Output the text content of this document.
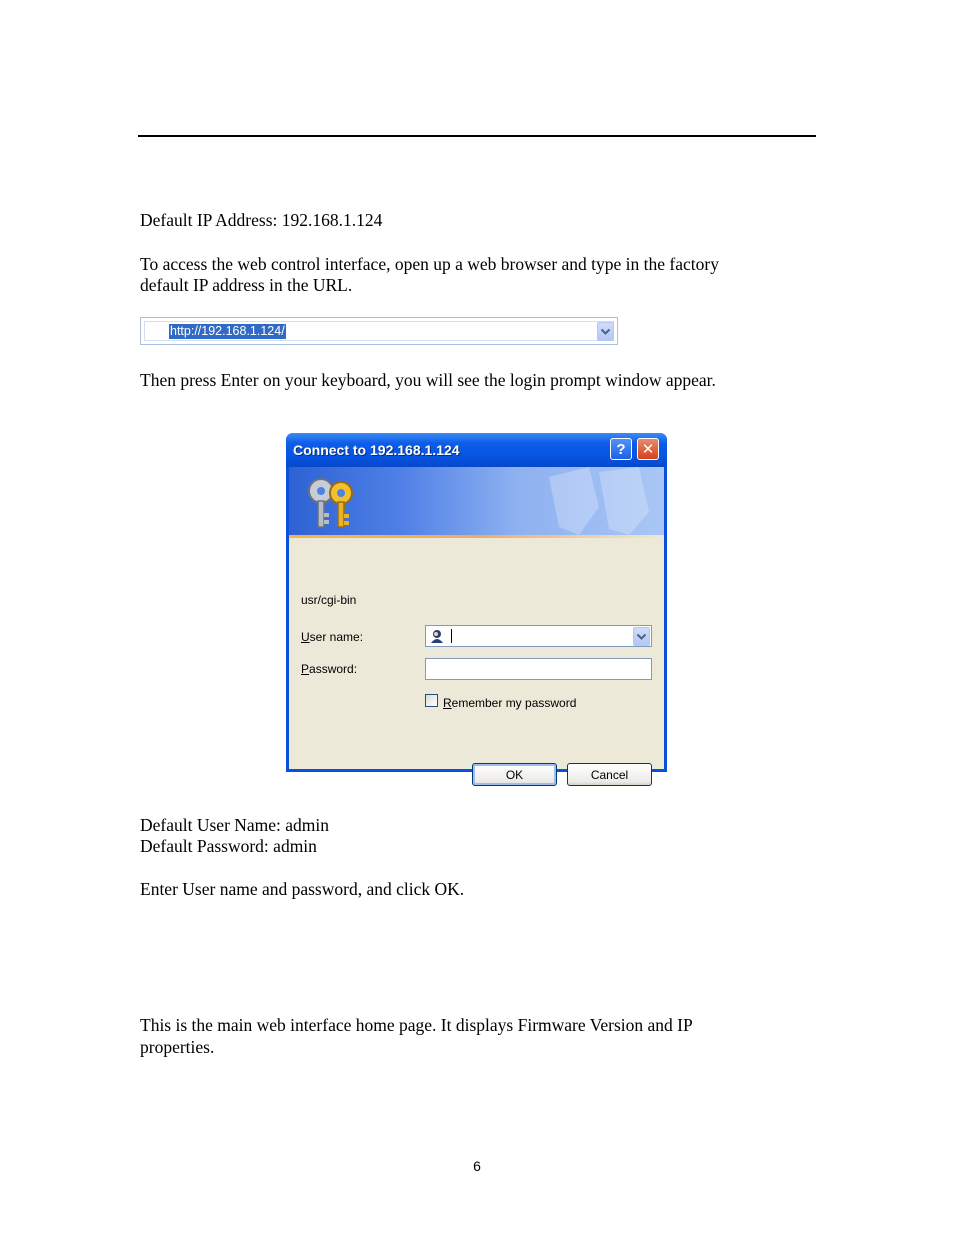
Default IP Address: 192.168.1.124

To access the web control interface, open up a web browser and type in the factory

default IP address in the URL.

http://192.168.1.124/

Then press Enter on your keyboard, you will see the login prompt window appear.

Connect to 192.168.1.124	? ✕
usr/cgi-bin
User name:
Password:
Remember my password
OK	Cancel

Default User Name: admin

Default Password: admin

Enter User name and password, and click OK.

This is the main web interface home page. It displays Firmware Version and IP

properties.

6
